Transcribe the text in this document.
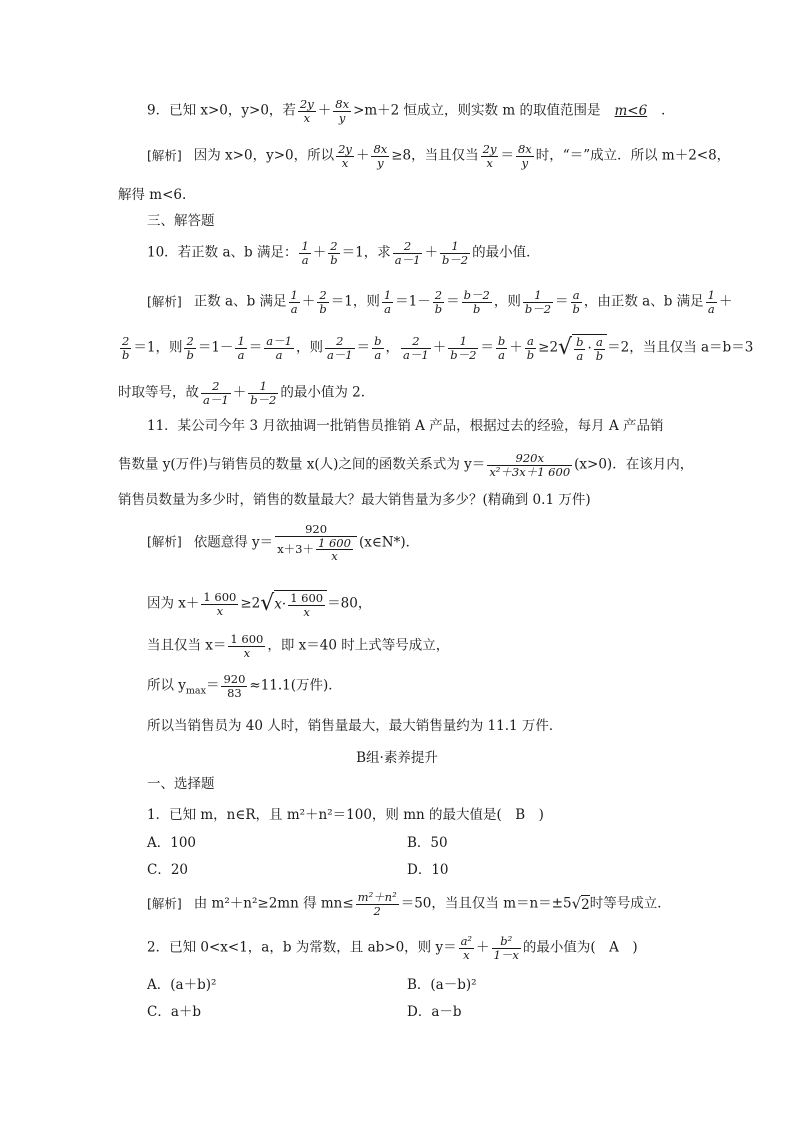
9．已知 x>0，y>0，若 $\frac{2y}{x} + \frac{8x}{y} >m+2$ 恒成立，则实数 m 的取值范围是 m<6 ．
[解析] 因为 x>0，y>0，所以 $\frac{2y}{x} + \frac{8x}{y} \ge 8$，当且仅当 $\frac{2y}{x} = \frac{8x}{y}$ 时，“＝”成立．所以 m＋2<8，
解得 m<6.
三、解答题
10．若正数 a、b 满足： $\frac{1}{a} + \frac{2}{b} =1$，求 $\frac{2}{a-1} + \frac{1}{b-2}$ 的最小值．
[解析] 正数 a、b 满足 $\frac{1}{a} + \frac{2}{b} =1$，则 $\frac{1}{a} =1- \frac{2}{b} = \frac{b-2}{b}$ ，则 $\frac{1}{b-2} = \frac{a}{b}$ ，由正数 a、b 满足 $\frac{1}{a}$ ＋
$\frac{2}{b} =1$，则 $\frac{2}{b} =1- \frac{1}{a} = \frac{a-1}{a}$ ，则 $\frac{2}{a-1} = \frac{b}{a}$ ， $\frac{2}{a-1} + \frac{1}{b-2} = \frac{b}{a} + \frac{a}{b} \ge 2√ \frac{b}{a} \cdot \frac{a}{b} =2$，当且仅当 a＝b＝3
时取等号，故 $\frac{2}{a-1} + \frac{1}{b-2}$ 的最小值为 2.
11．某公司今年 3 月欲抽调一批销售员推销 A 产品，根据过去的经验，每月 A 产品销
售数量 y(万件)与销售员的数量 x(人)之间的函数关系式为 $y= \frac{920x}{\text{x²＋3x＋1 600}} (x>0)$．在该月内，
销售员数量为多少时，销售的数量最大？最大销售量为多少？(精确到 0.1 万件)
[解析] 依题意得 $y= \frac{920}{x+3+ \frac{1 600}{x}}$ (x∈N*)．
因为 $x+ \frac{1 600}{x} \ge 2√x\cdot \frac{1 600}{x} =80$，
当且仅当 $x= \frac{1 600}{x}$ ，即 x＝40 时上式等号成立，
所以 $y_{max}= \frac{920}{83} \approx 11.1$(万件)．
所以当销售员为 40 人时，销售量最大，最大销售量约为 11.1 万件．
B组·素养提升
一、选择题
1．已知 m，n∈R，且 m²＋n²＝100，则 mn 的最大值是(　B　)
A．100	B．50
C．20	D．10
[解析] 由 m²＋n²≥2mn 得 $mn\le \frac{\text{m²＋n²}}{2} =50$，当且仅当 m＝n＝±5√2时等号成立．
2．已知 0<x<1，a，b 为常数，且 ab>0，则 $y= \frac{\text{a²}}{x} + \frac{\text{b²}}{1-x}$ 的最小值为(　A　)
A．(a＋b)²	B．(a－b)²
C．a＋b	D．a－b
